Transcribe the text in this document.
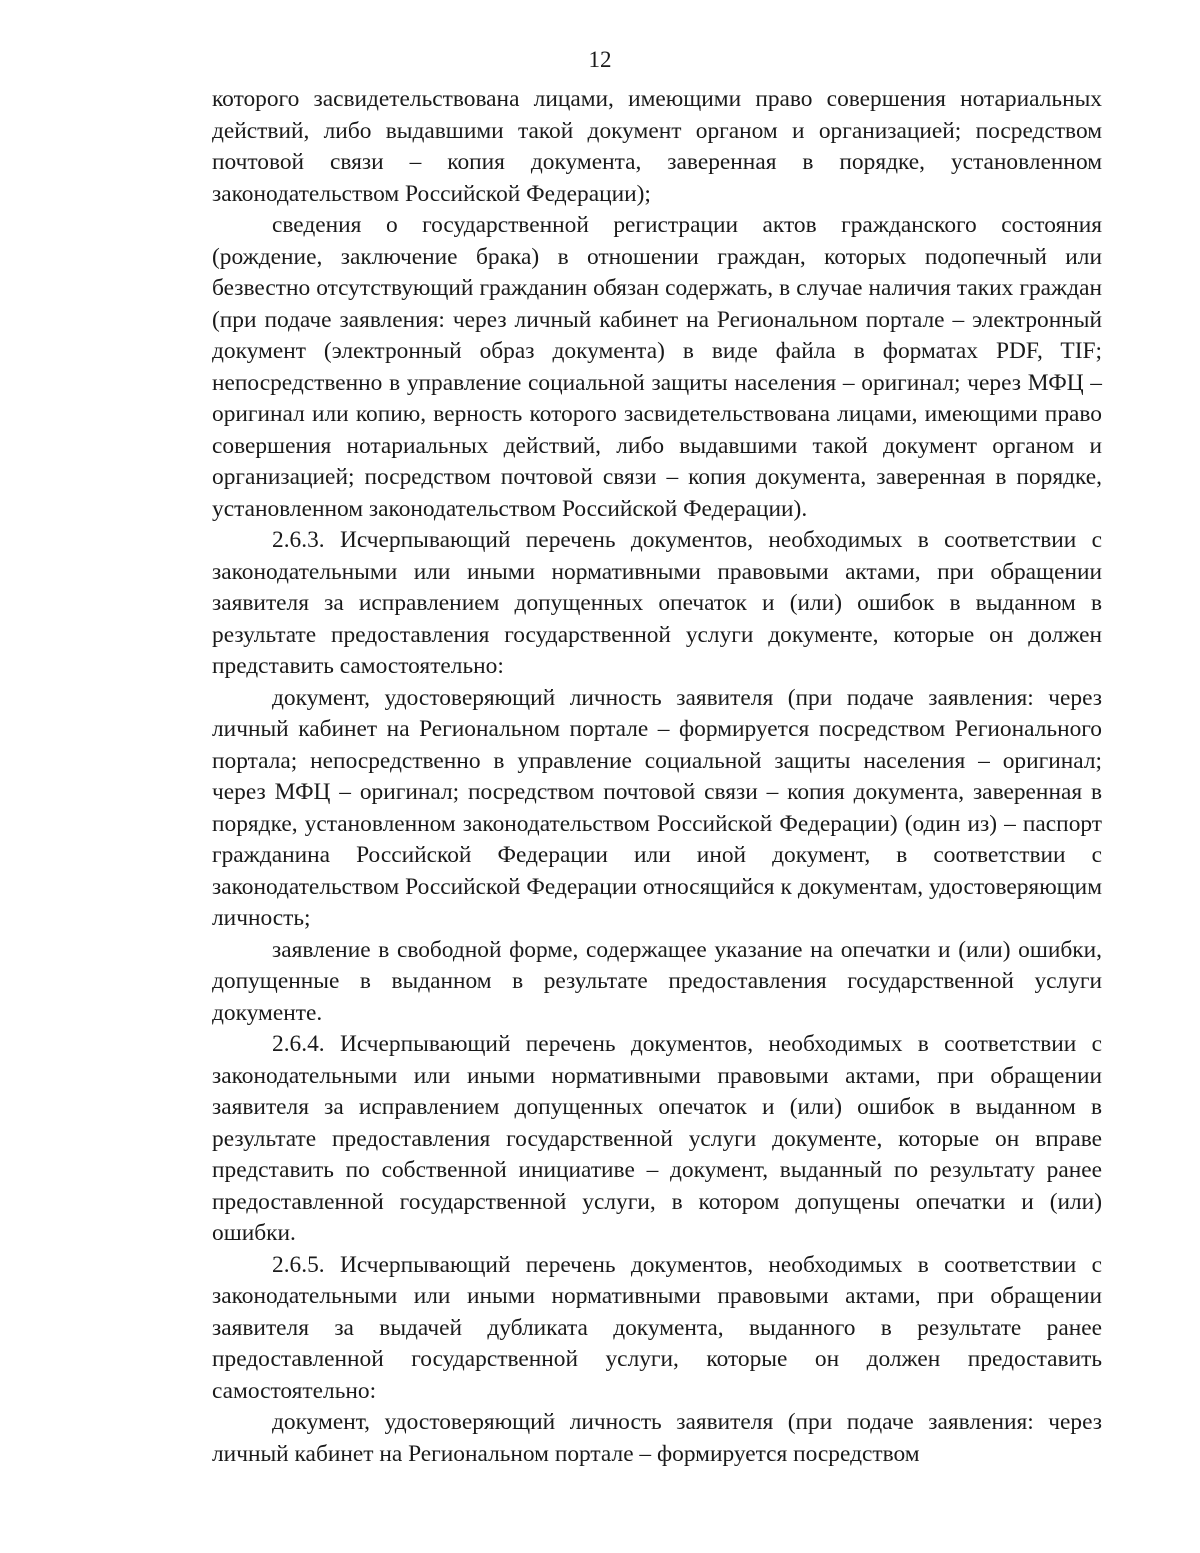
12

которого засвидетельствована лицами, имеющими право совершения нотариальных действий, либо выдавшими такой документ органом и организацией; посредством почтовой связи – копия документа, заверенная в порядке, установленном законодательством Российской Федерации);

сведения о государственной регистрации актов гражданского состояния (рождение, заключение брака) в отношении граждан, которых подопечный или безвестно отсутствующий гражданин обязан содержать, в случае наличия таких граждан (при подаче заявления: через личный кабинет на Региональном портале – электронный документ (электронный образ документа) в виде файла в форматах PDF, TIF; непосредственно в управление социальной защиты населения – оригинал; через МФЦ – оригинал или копию, верность которого засвидетельствована лицами, имеющими право совершения нотариальных действий, либо выдавшими такой документ органом и организацией; посредством почтовой связи – копия документа, заверенная в порядке, установленном законодательством Российской Федерации).

2.6.3. Исчерпывающий перечень документов, необходимых в соответствии с законодательными или иными нормативными правовыми актами, при обращении заявителя за исправлением допущенных опечаток и (или) ошибок в выданном в результате предоставления государственной услуги документе, которые он должен представить самостоятельно:

документ, удостоверяющий личность заявителя (при подаче заявления: через личный кабинет на Региональном портале – формируется посредством Регионального портала; непосредственно в управление социальной защиты населения – оригинал; через МФЦ – оригинал; посредством почтовой связи – копия документа, заверенная в порядке, установленном законодательством Российской Федерации) (один из) – паспорт гражданина Российской Федерации или иной документ, в соответствии с законодательством Российской Федерации относящийся к документам, удостоверяющим личность;

заявление в свободной форме, содержащее указание на опечатки и (или) ошибки, допущенные в выданном в результате предоставления государственной услуги документе.

2.6.4. Исчерпывающий перечень документов, необходимых в соответствии с законодательными или иными нормативными правовыми актами, при обращении заявителя за исправлением допущенных опечаток и (или) ошибок в выданном в результате предоставления государственной услуги документе, которые он вправе представить по собственной инициативе – документ, выданный по результату ранее предоставленной государственной услуги, в котором допущены опечатки и (или) ошибки.

2.6.5. Исчерпывающий перечень документов, необходимых в соответствии с законодательными или иными нормативными правовыми актами, при обращении заявителя за выдачей дубликата документа, выданного в результате ранее предоставленной государственной услуги, которые он должен предоставить самостоятельно:

документ, удостоверяющий личность заявителя (при подаче заявления: через личный кабинет на Региональном портале – формируется посредством
